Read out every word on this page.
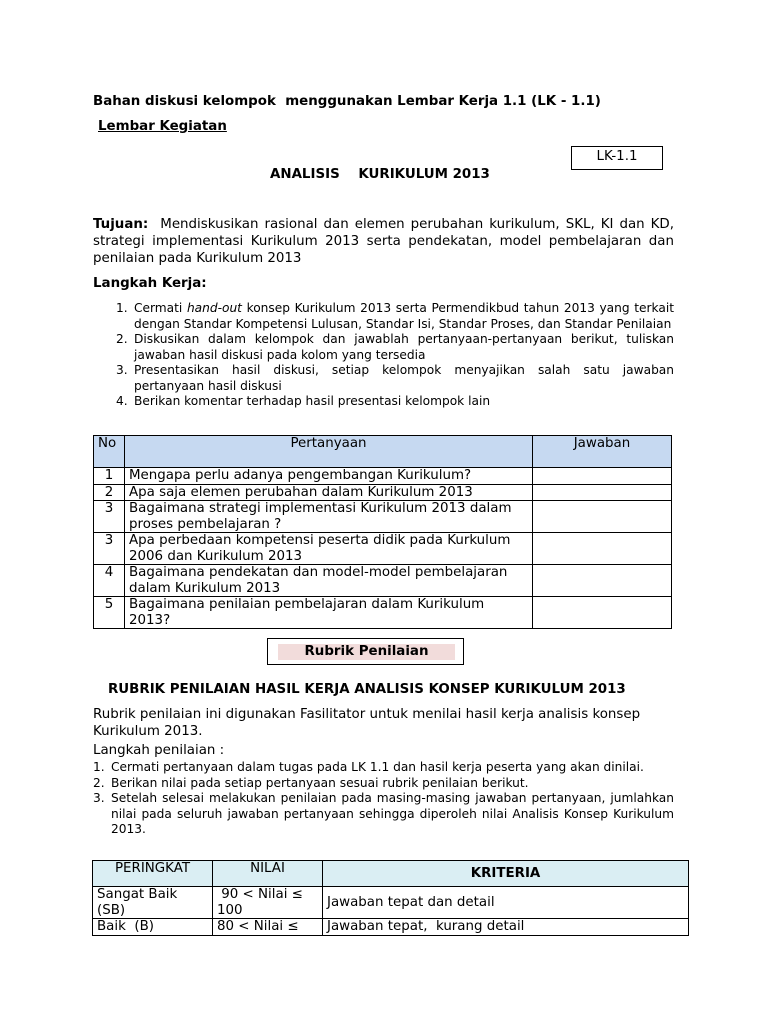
Bahan diskusi kelompok  menggunakan Lembar Kerja 1.1 (LK - 1.1)
Lembar Kegiatan
LK-1.1
ANALISIS    KURIKULUM 2013
Tujuan: Mendiskusikan rasional dan elemen perubahan kurikulum, SKL, KI dan KD, strategi implementasi Kurikulum 2013 serta pendekatan, model pembelajaran dan penilaian pada Kurikulum 2013
Langkah Kerja:
1. Cermati hand-out konsep Kurikulum 2013 serta Permendikbud tahun 2013 yang terkait dengan Standar Kompetensi Lulusan, Standar Isi, Standar Proses, dan Standar Penilaian
2. Diskusikan dalam kelompok dan jawablah pertanyaan-pertanyaan berikut, tuliskan jawaban hasil diskusi pada kolom yang tersedia
3. Presentasikan hasil diskusi, setiap kelompok menyajikan salah satu jawaban pertanyaan hasil diskusi
4. Berikan komentar terhadap hasil presentasi kelompok lain
No	Pertanyaan	Jawaban
1	Mengapa perlu adanya pengembangan Kurikulum?	
2	Apa saja elemen perubahan dalam Kurikulum 2013	
3	Bagaimana strategi implementasi Kurikulum 2013 dalam proses pembelajaran ?	
3	Apa perbedaan kompetensi peserta didik pada Kurkulum 2006 dan Kurikulum 2013	
4	Bagaimana pendekatan dan model-model pembelajaran dalam Kurikulum 2013	
5	Bagaimana penilaian pembelajaran dalam Kurikulum 2013?	
Rubrik Penilaian
RUBRIK PENILAIAN HASIL KERJA ANALISIS KONSEP KURIKULUM 2013
Rubrik penilaian ini digunakan Fasilitator untuk menilai hasil kerja analisis konsep Kurikulum 2013.
Langkah penilaian :
1. Cermati pertanyaan dalam tugas pada LK 1.1 dan hasil kerja peserta yang akan dinilai.
2. Berikan nilai pada setiap pertanyaan sesuai rubrik penilaian berikut.
3. Setelah selesai melakukan penilaian pada masing-masing jawaban pertanyaan, jumlahkan nilai pada seluruh jawaban pertanyaan sehingga diperoleh nilai Analisis Konsep Kurikulum 2013.
PERINGKAT	NILAI	KRITERIA
Sangat Baik (SB)	90 < Nilai ≤ 100	Jawaban tepat dan detail
Baik  (B)	80 < Nilai ≤	Jawaban tepat,  kurang detail
